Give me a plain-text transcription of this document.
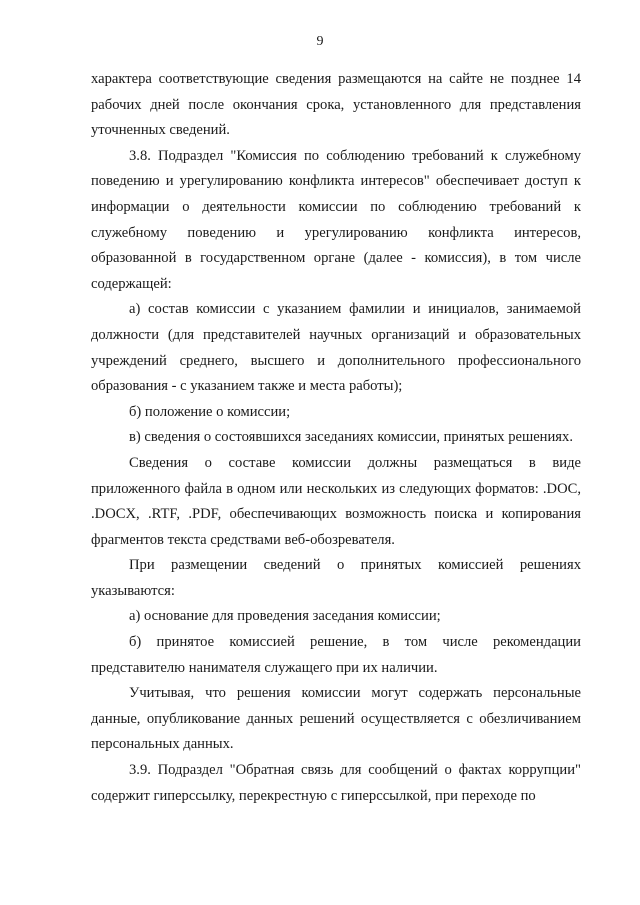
9

характера соответствующие сведения размещаются на сайте не позднее 14 рабочих дней после окончания срока, установленного для представления уточненных сведений.

3.8. Подраздел "Комиссия по соблюдению требований к служебному поведению и урегулированию конфликта интересов" обеспечивает доступ к информации о деятельности комиссии по соблюдению требований к служебному поведению и урегулированию конфликта интересов, образованной в государственном органе (далее - комиссия), в том числе содержащей:

а) состав комиссии с указанием фамилии и инициалов, занимаемой должности (для представителей научных организаций и образовательных учреждений среднего, высшего и дополнительного профессионального образования - с указанием также и места работы);

б) положение о комиссии;

в) сведения о состоявшихся заседаниях комиссии, принятых решениях.

Сведения о составе комиссии должны размещаться в виде приложенного файла в одном или нескольких из следующих форматов: .DOC, .DOCX, .RTF, .PDF, обеспечивающих возможность поиска и копирования фрагментов текста средствами веб-обозревателя.

При размещении сведений о принятых комиссией решениях указываются:

а) основание для проведения заседания комиссии;

б) принятое комиссией решение, в том числе рекомендации представителю нанимателя служащего при их наличии.

Учитывая, что решения комиссии могут содержать персональные данные, опубликование данных решений осуществляется с обезличиванием персональных данных.

3.9. Подраздел "Обратная связь для сообщений о фактах коррупции" содержит гиперссылку, перекрестную с гиперссылкой, при переходе по
